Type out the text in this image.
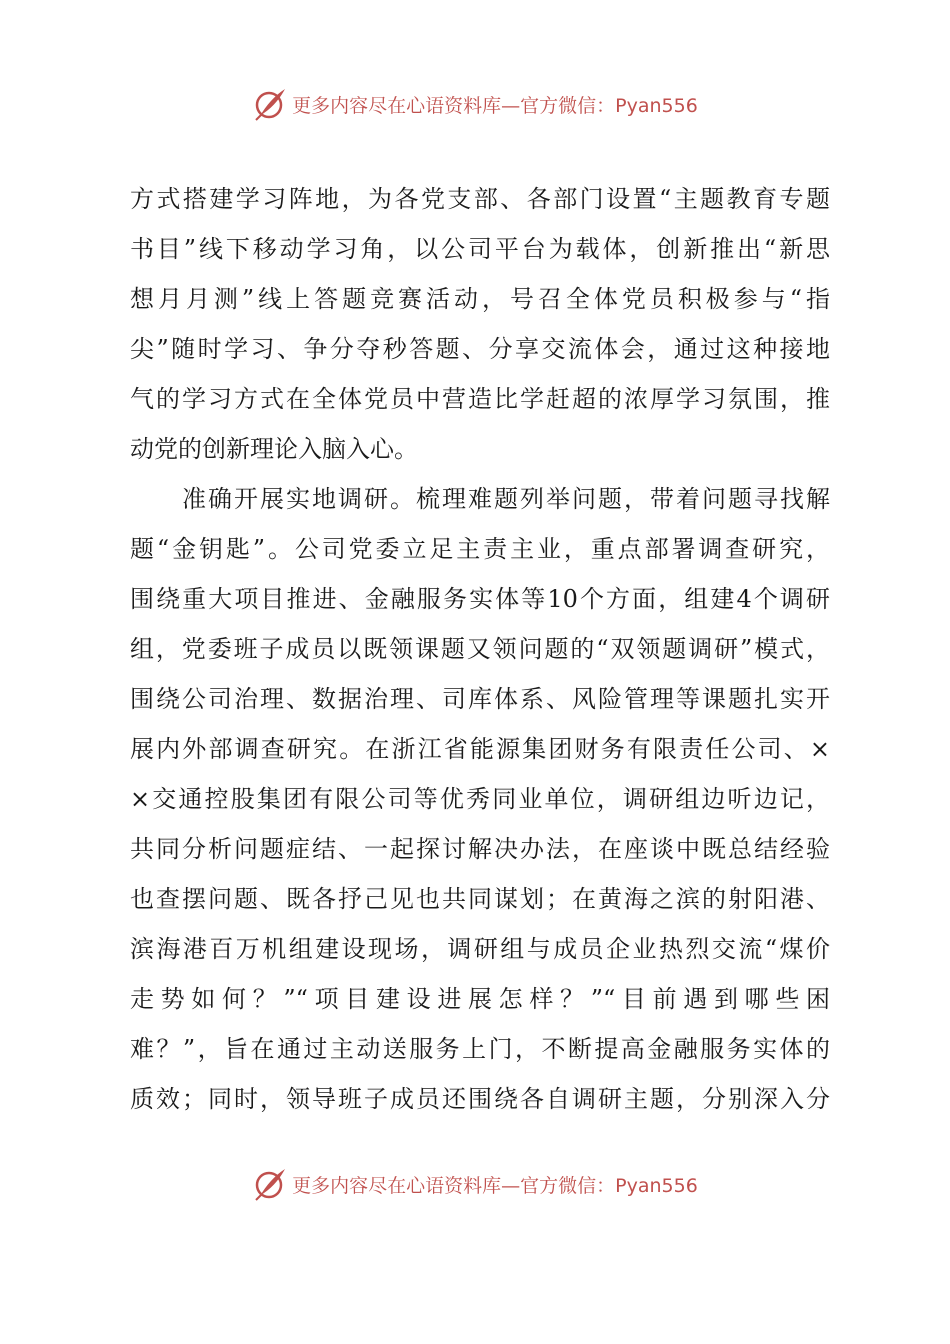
更多内容尽在心语资料库—官方微信：Pyan556
方式搭建学习阵地，为各党支部、各部门设置“主题教育专题
书目”线下移动学习角，以公司平台为载体，创新推出“新思
想月月测”线上答题竞赛活动，号召全体党员积极参与“指
尖”随时学习、争分夺秒答题、分享交流体会，通过这种接地
气的学习方式在全体党员中营造比学赶超的浓厚学习氛围，推
动党的创新理论入脑入心。
　　准确开展实地调研。梳理难题列举问题，带着问题寻找解
题“金钥匙”。公司党委立足主责主业，重点部署调查研究，
围绕重大项目推进、金融服务实体等10个方面，组建4个调研
组，党委班子成员以既领课题又领问题的“双领题调研”模式，
围绕公司治理、数据治理、司库体系、风险管理等课题扎实开
展内外部调查研究。在浙江省能源集团财务有限责任公司、×
×交通控股集团有限公司等优秀同业单位，调研组边听边记，
共同分析问题症结、一起探讨解决办法，在座谈中既总结经验
也查摆问题、既各抒己见也共同谋划；在黄海之滨的射阳港、
滨海港百万机组建设现场，调研组与成员企业热烈交流“煤价
走势如何？”“项目建设进展怎样？”“目前遇到哪些困
难？”，旨在通过主动送服务上门，不断提高金融服务实体的
质效；同时，领导班子成员还围绕各自调研主题，分别深入分
更多内容尽在心语资料库—官方微信：Pyan556
